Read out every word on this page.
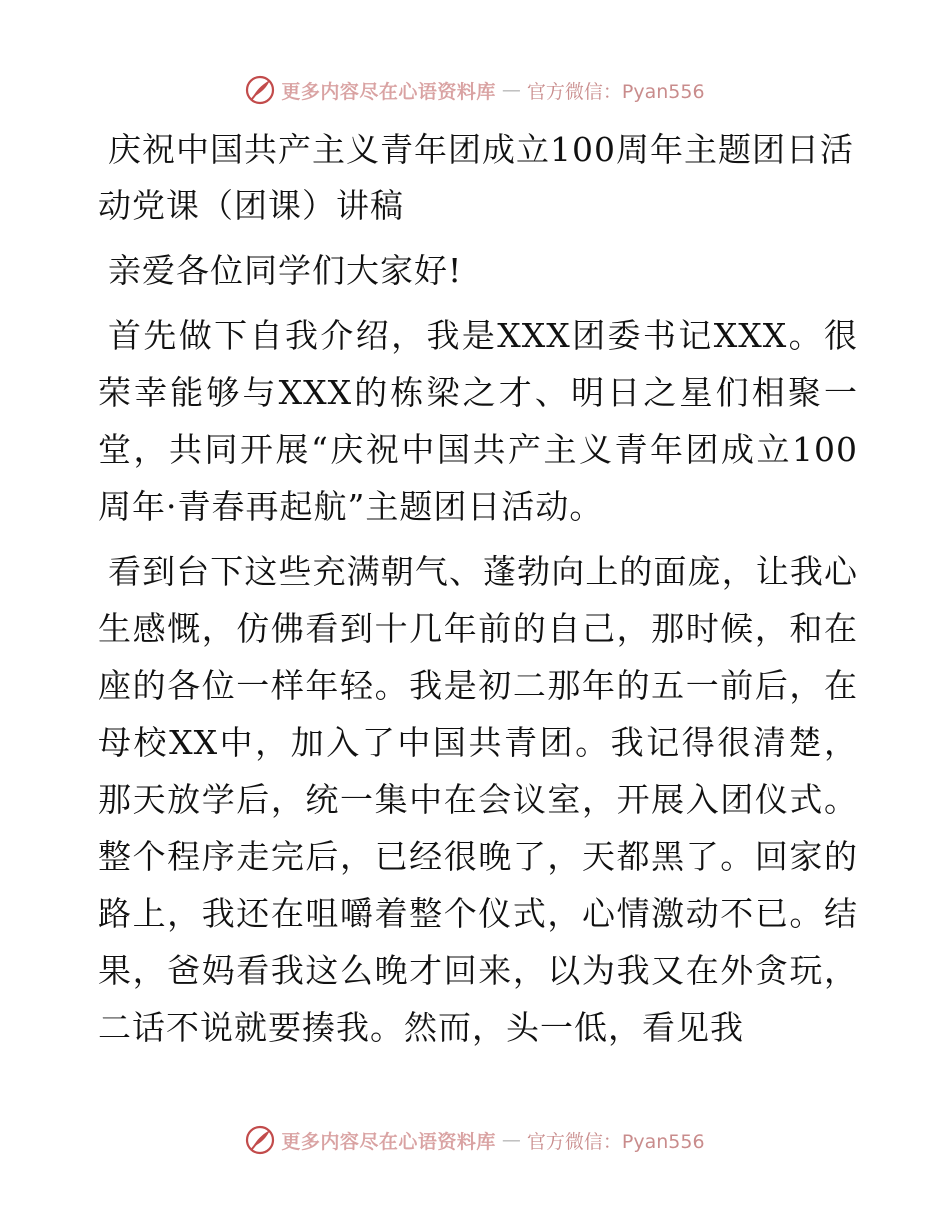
更多内容尽在心语资料库 — 官方微信：Pyan556
庆祝中国共产主义青年团成立100周年主题团日活动党课（团课）讲稿

亲爱各位同学们大家好!

首先做下自我介绍，我是XXX团委书记XXX。很荣幸能够与XXX的栋梁之才、明日之星们相聚一堂，共同开展“庆祝中国共产主义青年团成立100周年·青春再起航”主题团日活动。

看到台下这些充满朝气、蓬勃向上的面庞，让我心生感慨，仿佛看到十几年前的自己，那时候，和在座的各位一样年轻。我是初二那年的五一前后，在母校XX中，加入了中国共青团。我记得很清楚，那天放学后，统一集中在会议室，开展入团仪式。整个程序走完后，已经很晚了，天都黑了。回家的路上，我还在咀嚼着整个仪式，心情激动不已。结果，爸妈看我这么晚才回来，以为我又在外贪玩，二话不说就要揍我。然而，头一低，看见我

更多内容尽在心语资料库 — 官方微信：Pyan556
